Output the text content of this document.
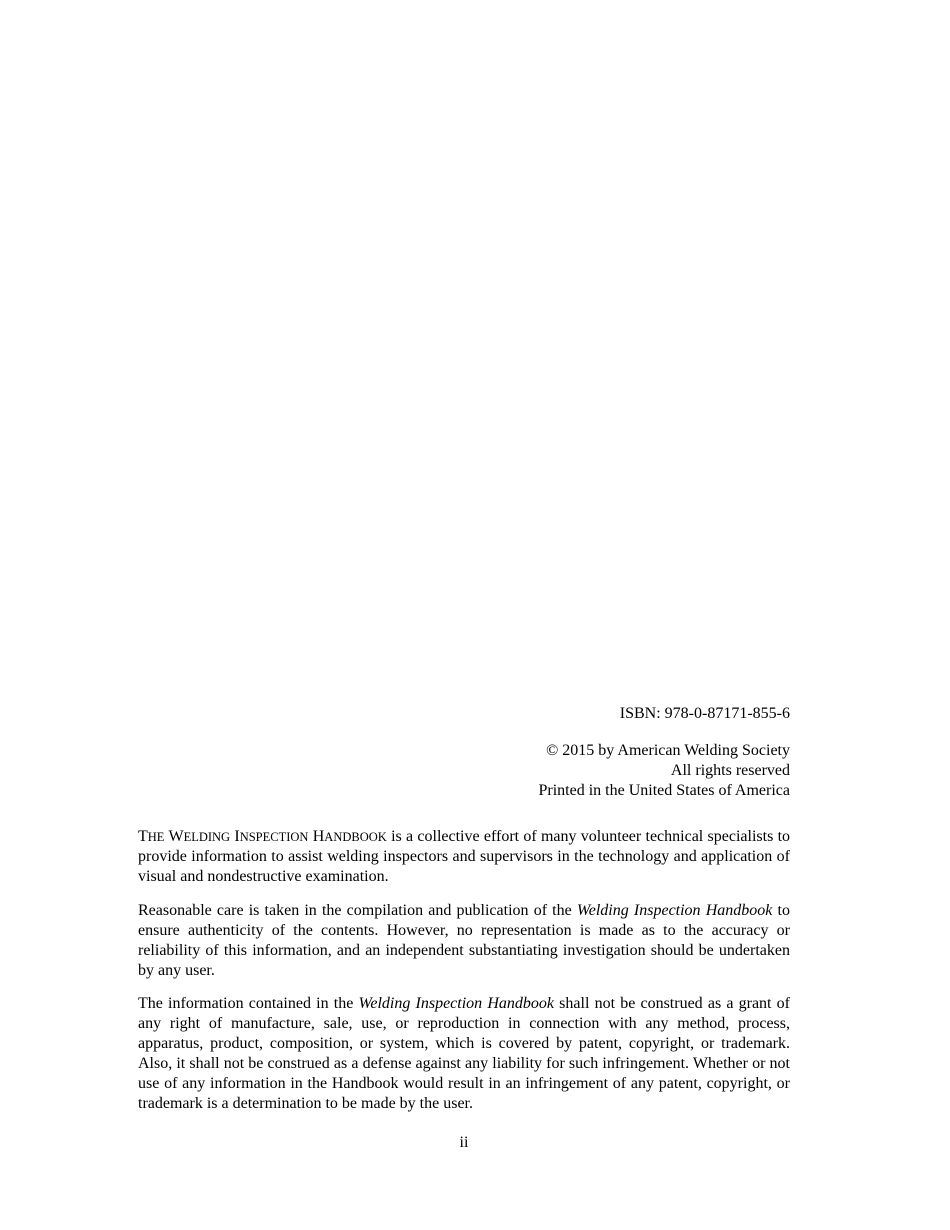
ISBN: 978-0-87171-855-6

© 2015 by American Welding Society

All rights reserved

Printed in the United States of America

THE WELDING INSPECTION HANDBOOK is a collective effort of many volunteer technical specialists to provide information to assist welding inspectors and supervisors in the technology and application of visual and nondestructive examination.

Reasonable care is taken in the compilation and publication of the Welding Inspection Handbook to ensure authenticity of the contents. However, no representation is made as to the accuracy or reliability of this information, and an independent substantiating investigation should be undertaken by any user.

The information contained in the Welding Inspection Handbook shall not be construed as a grant of any right of manufacture, sale, use, or reproduction in connection with any method, process, apparatus, product, composition, or system, which is covered by patent, copyright, or trademark. Also, it shall not be construed as a defense against any liability for such infringement. Whether or not use of any information in the Handbook would result in an infringement of any patent, copyright, or trademark is a determination to be made by the user.

ii
